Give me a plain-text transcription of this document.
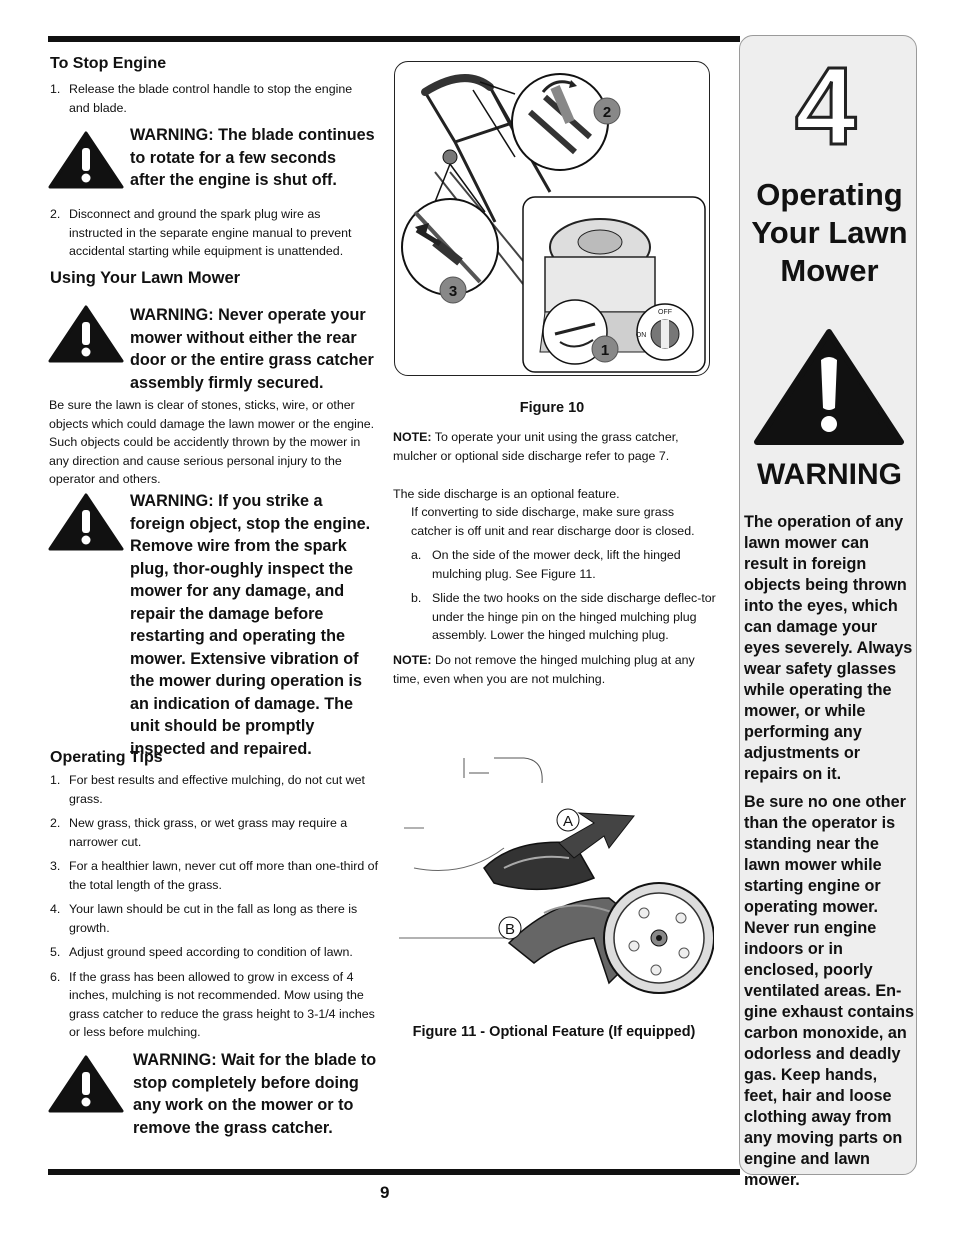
9
To Stop Engine
1. Release the blade control handle to stop the engine and blade.
WARNING: The blade continues to rotate for a few seconds after the engine is shut off.
2. Disconnect and ground the spark plug wire as instructed in the separate engine manual to prevent accidental starting while equipment is unattended.
Using Your Lawn Mower
WARNING: Never operate your mower without either the rear door or the entire grass catcher assembly firmly secured.
Be sure the lawn is clear of stones, sticks, wire, or other objects which could damage the lawn mower or the engine. Such objects could be accidently thrown by the mower in any direction and cause serious personal injury to the operator and others.
WARNING: If you strike a foreign object, stop the engine. Remove wire from the spark plug, thor-oughly inspect the mower for any damage, and repair the damage before restarting and operating the mower. Extensive vibration of the mower during operation is an indication of damage. The unit should be promptly inspected and repaired.
Operating Tips
1. For best results and effective mulching, do not cut wet grass.
2. New grass, thick grass, or wet grass may require a narrower cut.
3. For a healthier lawn, never cut off more than one-third of the total length of the grass.
4. Your lawn should be cut in the fall as long as there is growth.
5. Adjust ground speed according to condition of lawn.
6. If the grass has been allowed to grow in excess of 4 inches, mulching is not recommended. Mow using the grass catcher to reduce the grass height to 3-1/4 inches or less before mulching.
WARNING: Wait for the blade to stop completely before doing any work on the mower or to remove the grass catcher.
2
3
1
OFF
ON
Figure 10
NOTE: To operate your unit using the grass catcher, mulcher or optional side discharge refer to page 7.
The side discharge is an optional feature.
If converting to side discharge, make sure grass catcher is off unit and rear discharge door is closed.
a. On the side of the mower deck, lift the hinged mulching plug. See Figure 11.
b. Slide the two hooks on the side discharge deflec-tor under the hinge pin on the hinged mulching plug assembly. Lower the hinged mulching plug.
NOTE: Do not remove the hinged mulching plug at any time, even when you are not mulching.
A
B
Figure 11 - Optional Feature (If equipped)
4
Operating
Your Lawn
Mower
WARNING
The operation of any lawn mower can result in foreign objects being thrown into the eyes, which can damage your eyes severely. Always wear safety glasses while operating the mower, or while performing any adjustments or repairs on it.
Be sure no one other than the operator is standing near the lawn mower while starting engine or operating mower. Never run engine indoors or in enclosed, poorly ventilated areas. En-gine exhaust contains carbon monoxide, an odorless and deadly gas. Keep hands, feet, hair and loose clothing away from any moving parts on engine and lawn mower.
